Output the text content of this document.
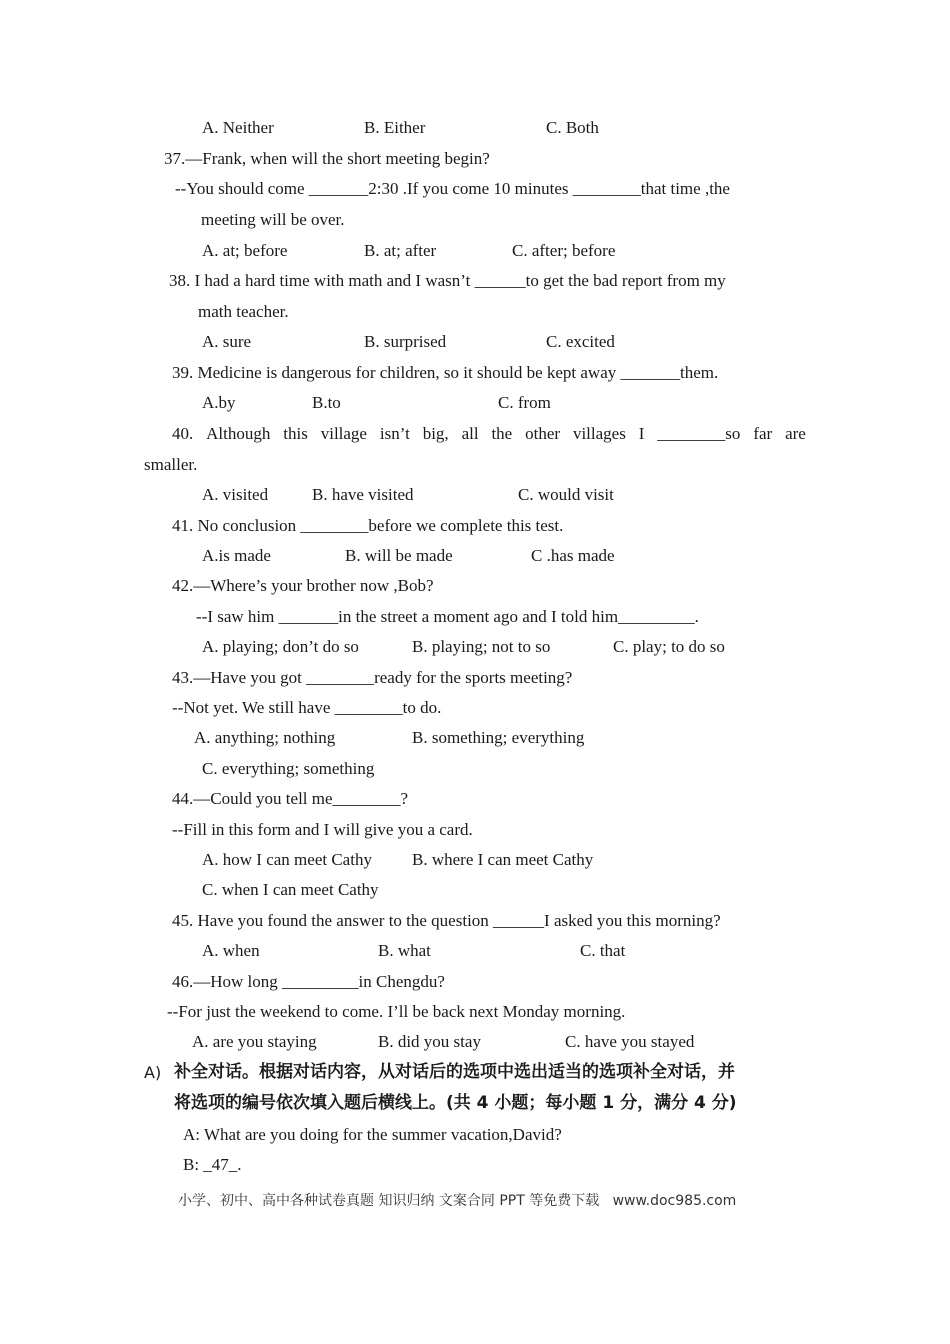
A. Neither	B. Either	C. Both
37.—Frank, when will the short meeting begin?
--You should come _______2:30 .If you come 10 minutes ________that time ,the
meeting will be over.
A. at; before	B. at; after	C. after; before
38. I had a hard time with math and I wasn’t ______to get the bad report from my
math teacher.
A. sure	B. surprised	C. excited
39. Medicine is dangerous for children, so it should be kept away _______them.
A.by	B.to	C. from
40. Although this village isn’t big, all the other villages I ________so far are
smaller.
A. visited	B. have visited	C. would visit
41. No conclusion ________before we complete this test.
A.is made	B. will be made	C .has made
42.—Where’s your brother now ,Bob?
--I saw him _______in the street a moment ago and I told him_________.
A. playing; don’t do so	B. playing; not to so	C. play; to do so
43.—Have you got ________ready for the sports meeting?
--Not yet. We still have ________to do.
A. anything; nothing	B. something; everything
C. everything; something
44.—Could you tell me________?
--Fill in this form and I will give you a card.
A. how I can meet Cathy B. where I can meet Cathy
C. when I can meet Cathy
45. Have you found the answer to the question ______I asked you this morning?
A. when	B. what	C. that
46.—How long _________in Chengdu?
--For just the weekend to come. I’ll be back next Monday morning.
A. are you staying	B. did you stay	C. have you stayed
A) 补全对话。根据对话内容，从对话后的选项中选出适当的选项补全对话，并
将选项的编号依次填入题后横线上。(共 4 小题；每小题 1 分，满分 4 分)
A: What are you doing for the summer vacation,David?
B: _47_.
小学、初中、高中各种试卷真题 知识归纳 文案合同 PPT 等免费下载   www.doc985.com
